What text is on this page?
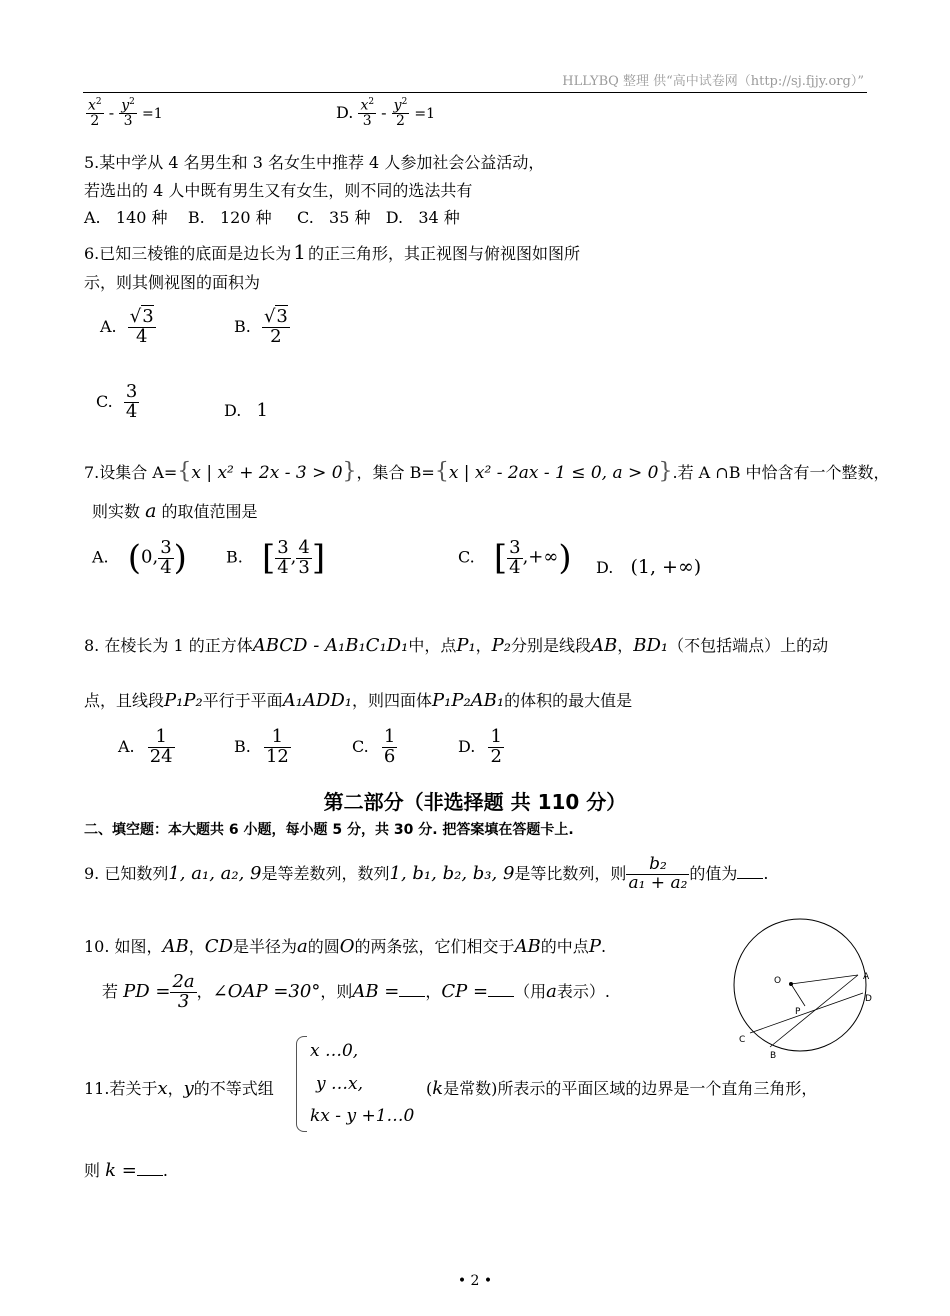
HLLYBQ 整理 供“高中试卷网（http://sj.fjjy.org）”
$\frac{x^2}{2} - \frac{y^2}{3} =1$	D. $\frac{x^2}{3} - \frac{y^2}{2} =1$
5.某中学从 4 名男生和 3 名女生中推荐 4 人参加社会公益活动，
若选出的 4 人中既有男生又有女生，则不同的选法共有
A.   140 种    B.   120 种     C.   35 种   D.   34 种
6.已知三棱锥的底面是边长为 1 的正三角形，其正视图与俯视图如图所
示，则其侧视图的面积为
A. $\frac{√3}{4}$	B. $\frac{√3}{2}$
C. $\frac{3}{4}$	D. 1
7.设集合 A={x | x² + 2x - 3 > 0}，集合 B={x | x² - 2ax - 1 ≤ 0, a > 0}.若 A ∩B 中恰含有一个整数，
则实数 a 的取值范围是
A. (0, $\frac{3}{4}$ ) B. [ $\frac{3}{4}$ , $\frac{4}{3}$ ]	C. [ $\frac{3}{4}$ ,+∞) D. (1, +∞)
8. 在棱长为 1 的正方体ABCD - A₁B₁C₁D₁中，点P₁，P₂分别是线段AB，BD₁（不包括端点）上的动
点，且线段P₁P₂平行于平面A₁ADD₁，则四面体P₁P₂AB₁的体积的最大值是
A. $\frac{1}{24}$	B. $\frac{1}{12}$	C. $\frac{1}{6}$	D. $\frac{1}{2}$
第二部分（非选择题 共 110 分）
二、填空题：本大题共 6 小题，每小题 5 分，共 30 分. 把答案填在答题卡上.
9. 已知数列1, a₁, a₂, 9是等差数列，数列1, b₁, b₂, b₃, 9是等比数列，则 $\frac{\text{b₂}}{\text{a₁ + a₂}}$ 的值为 .
10. 如图，AB，CD是半径为a的圆O的两条弦，它们相交于AB的中点P.
若 PD = $\frac{2a}{3}$ ，∠OAP =30°，则AB = ，CP = （用a表示）.
O	A
D
P
C
B
11.若关于x，y的不等式组
x …0,
y …x,
kx - y +1…0
(k是常数)所表示的平面区域的边界是一个直角三角形，
则 k = .
• 2 •
